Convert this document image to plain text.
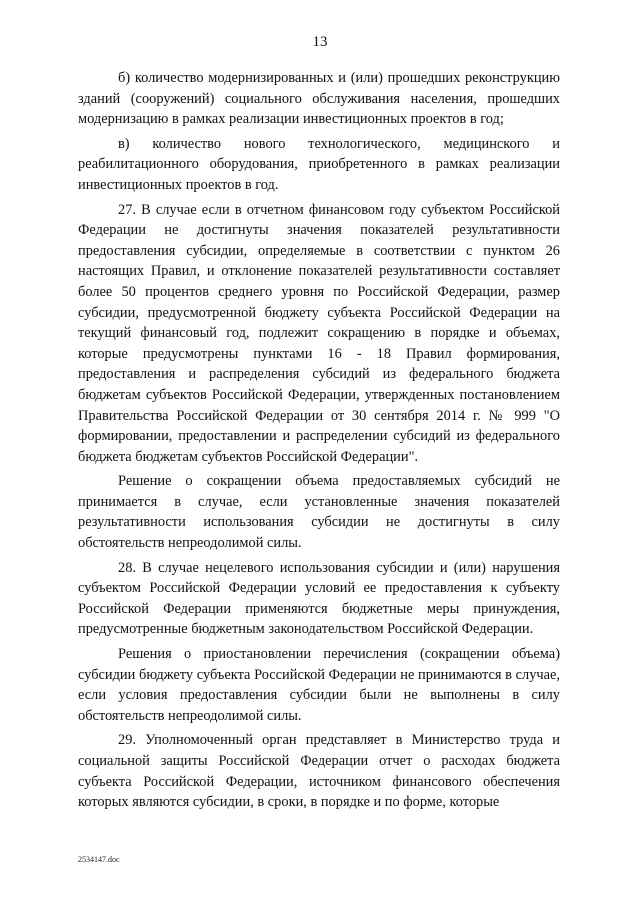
13

б) количество модернизированных и (или) прошедших реконструкцию зданий (сооружений) социального обслуживания населения, прошедших модернизацию в рамках реализации инвестиционных проектов в год;

в) количество нового технологического, медицинского и реабилитационного оборудования, приобретенного в рамках реализации инвестиционных проектов в год.

27. В случае если в отчетном финансовом году субъектом Российской Федерации не достигнуты значения показателей результативности предоставления субсидии, определяемые в соответствии с пунктом 26 настоящих Правил, и отклонение показателей результативности составляет более 50 процентов среднего уровня по Российской Федерации, размер субсидии, предусмотренной бюджету субъекта Российской Федерации на текущий финансовый год, подлежит сокращению в порядке и объемах, которые предусмотрены пунктами 16 - 18 Правил формирования, предоставления и распределения субсидий из федерального бюджета бюджетам субъектов Российской Федерации, утвержденных постановлением Правительства Российской Федерации от 30 сентября 2014 г. № 999 "О формировании, предоставлении и распределении субсидий из федерального бюджета бюджетам субъектов Российской Федерации".

Решение о сокращении объема предоставляемых субсидий не принимается в случае, если установленные значения показателей результативности использования субсидии не достигнуты в силу обстоятельств непреодолимой силы.

28. В случае нецелевого использования субсидии и (или) нарушения субъектом Российской Федерации условий ее предоставления к субъекту Российской Федерации применяются бюджетные меры принуждения, предусмотренные бюджетным законодательством Российской Федерации.

Решения о приостановлении перечисления (сокращении объема) субсидии бюджету субъекта Российской Федерации не принимаются в случае, если условия предоставления субсидии были не выполнены в силу обстоятельств непреодолимой силы.

29. Уполномоченный орган представляет в Министерство труда и социальной защиты Российской Федерации отчет о расходах бюджета субъекта Российской Федерации, источником финансового обеспечения которых являются субсидии, в сроки, в порядке и по форме, которые

2534147.doc
